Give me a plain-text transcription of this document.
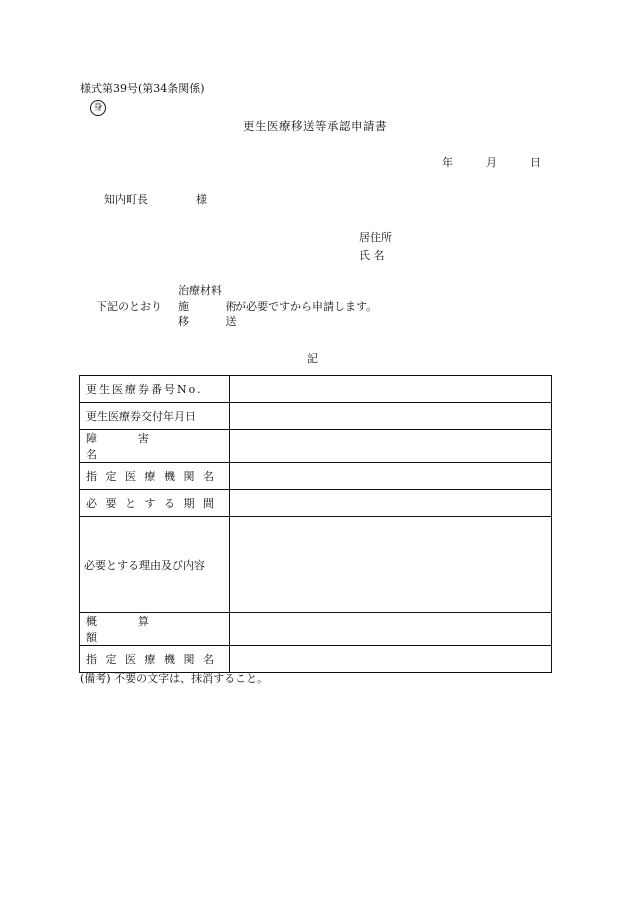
様式第39号(第34条関係)
身
更生医療移送等承認申請書
年	月	日
知内町長	様
居住所
氏 名
下記のとおり
治療材料
施 術
移 送
が必要ですから申請します。
記
更生医療券番号No.	

更生医療券交付年月日	
障害名	
指定医療機関名	
必要とする期間	
必要とする理由及び内容	
概算額	
指定医療機関名	
(備考) 不要の文字は、抹消すること。
